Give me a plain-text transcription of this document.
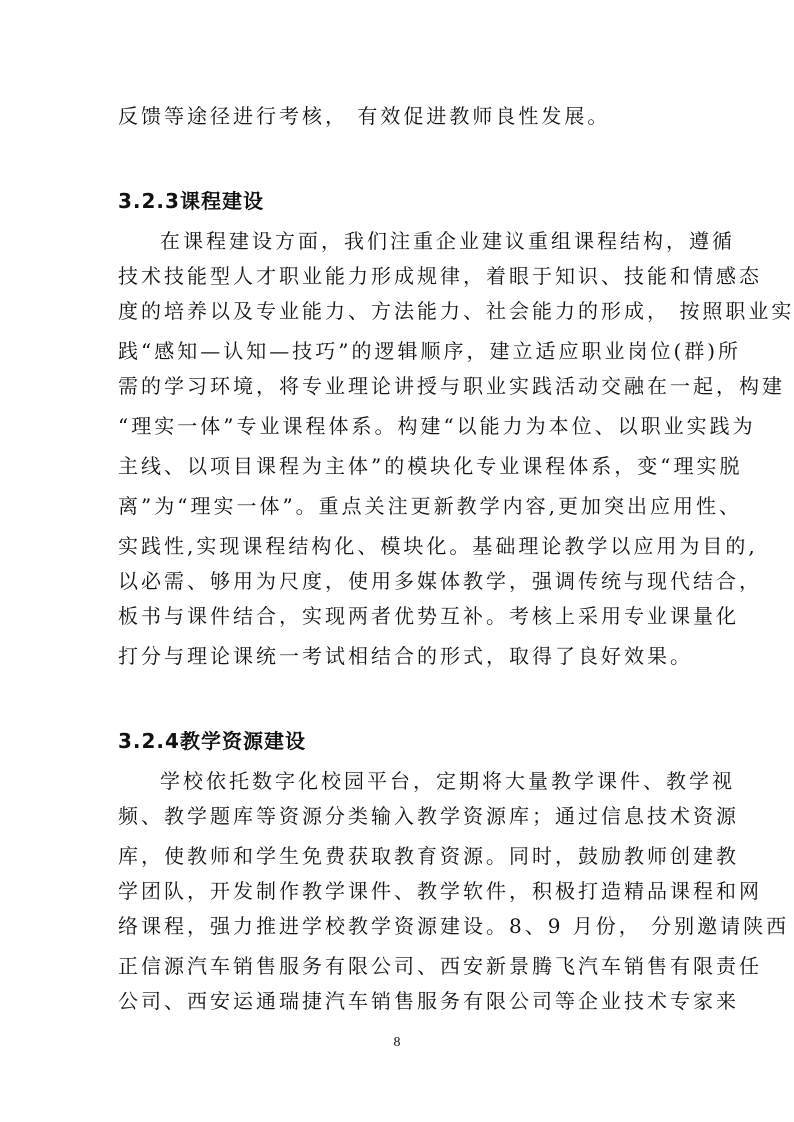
反馈等途径进行考核， 有效促进教师良性发展。
3.2.3课程建设
在课程建设方面，我们注重企业建议重组课程结构，遵循
技术技能型人才职业能力形成规律，着眼于知识、技能和情感态
度的培养以及专业能力、方法能力、社会能力的形成， 按照职业实
践“感知—认知—技巧”的逻辑顺序，建立适应职业岗位(群)所
需的学习环境，将专业理论讲授与职业实践活动交融在一起，构建
“理实一体”专业课程体系。构建“以能力为本位、以职业实践为
主线、以项目课程为主体”的模块化专业课程体系，变“理实脱
离”为“理实一体”。重点关注更新教学内容,更加突出应用性、
实践性,实现课程结构化、模块化。基础理论教学以应用为目的,
以必需、够用为尺度，使用多媒体教学，强调传统与现代结合，
板书与课件结合，实现两者优势互补。考核上采用专业课量化
打分与理论课统一考试相结合的形式，取得了良好效果。
3.2.4教学资源建设
学校依托数字化校园平台，定期将大量教学课件、教学视
频、教学题库等资源分类输入教学资源库；通过信息技术资源
库，使教师和学生免费获取教育资源。同时，鼓励教师创建教
学团队，开发制作教学课件、教学软件，积极打造精品课程和网
络课程，强力推进学校教学资源建设。8、9 月份， 分别邀请陕西
正信源汽车销售服务有限公司、西安新景腾飞汽车销售有限责任
公司、西安运通瑞捷汽车销售服务有限公司等企业技术专家来
8
